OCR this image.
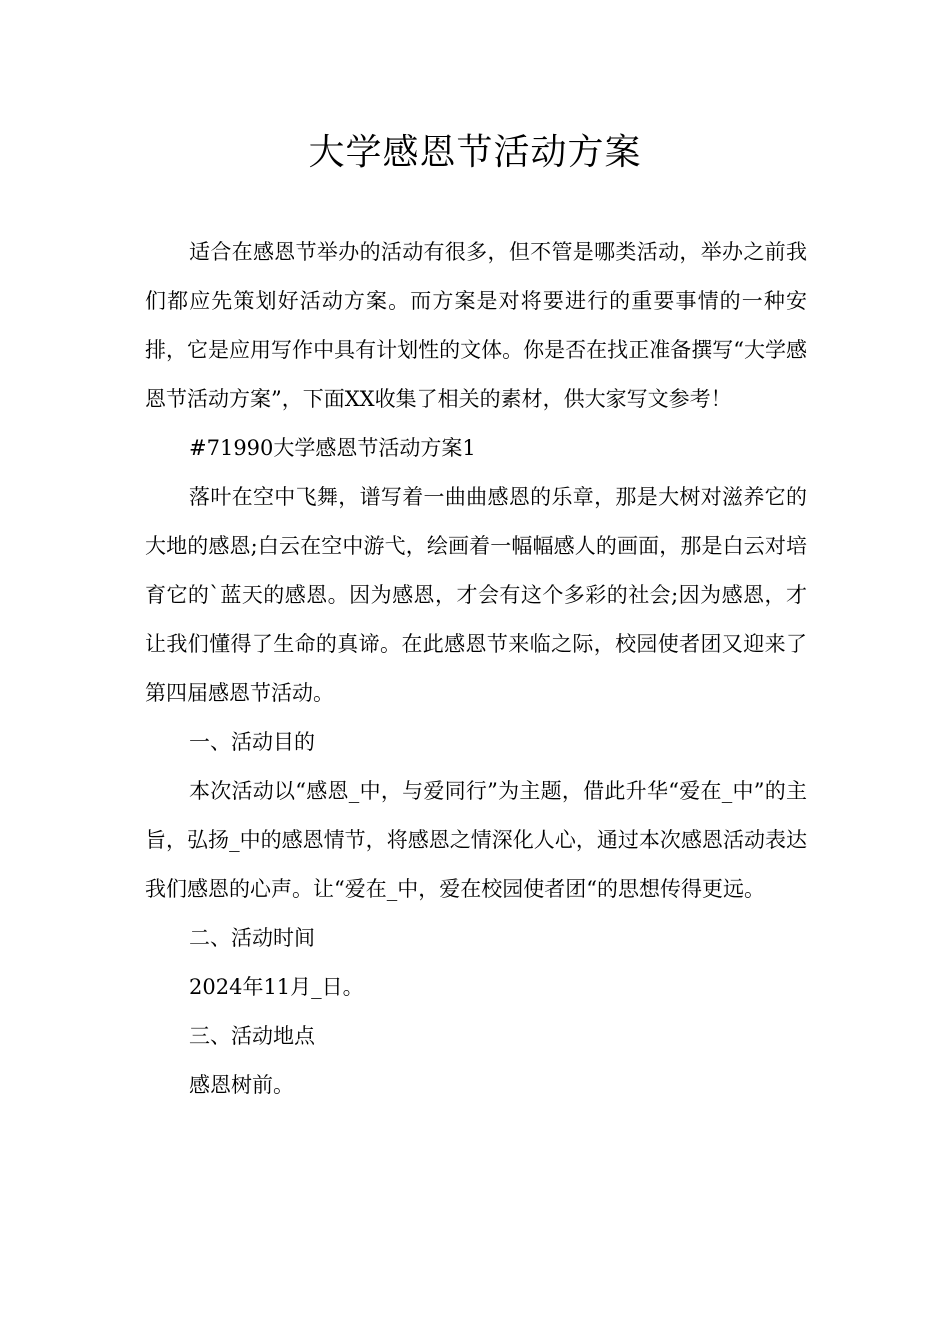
大学感恩节活动方案

适合在感恩节举办的活动有很多，但不管是哪类活动，举办之前我们都应先策划好活动方案。而方案是对将要进行的重要事情的一种安排，它是应用写作中具有计划性的文体。你是否在找正准备撰写“大学感恩节活动方案”，下面XX收集了相关的素材，供大家写文参考！

#71990大学感恩节活动方案1

落叶在空中飞舞，谱写着一曲曲感恩的乐章，那是大树对滋养它的大地的感恩;白云在空中游弋，绘画着一幅幅感人的画面，那是白云对培育它的`蓝天的感恩。因为感恩，才会有这个多彩的社会;因为感恩，才让我们懂得了生命的真谛。在此感恩节来临之际，校园使者团又迎来了第四届感恩节活动。

一、活动目的

本次活动以“感恩_中，与爱同行”为主题，借此升华“爱在_中”的主旨，弘扬_中的感恩情节，将感恩之情深化人心，通过本次感恩活动表达我们感恩的心声。让“爱在_中，爱在校园使者团“的思想传得更远。

二、活动时间

2024年11月_日。

三、活动地点

感恩树前。
